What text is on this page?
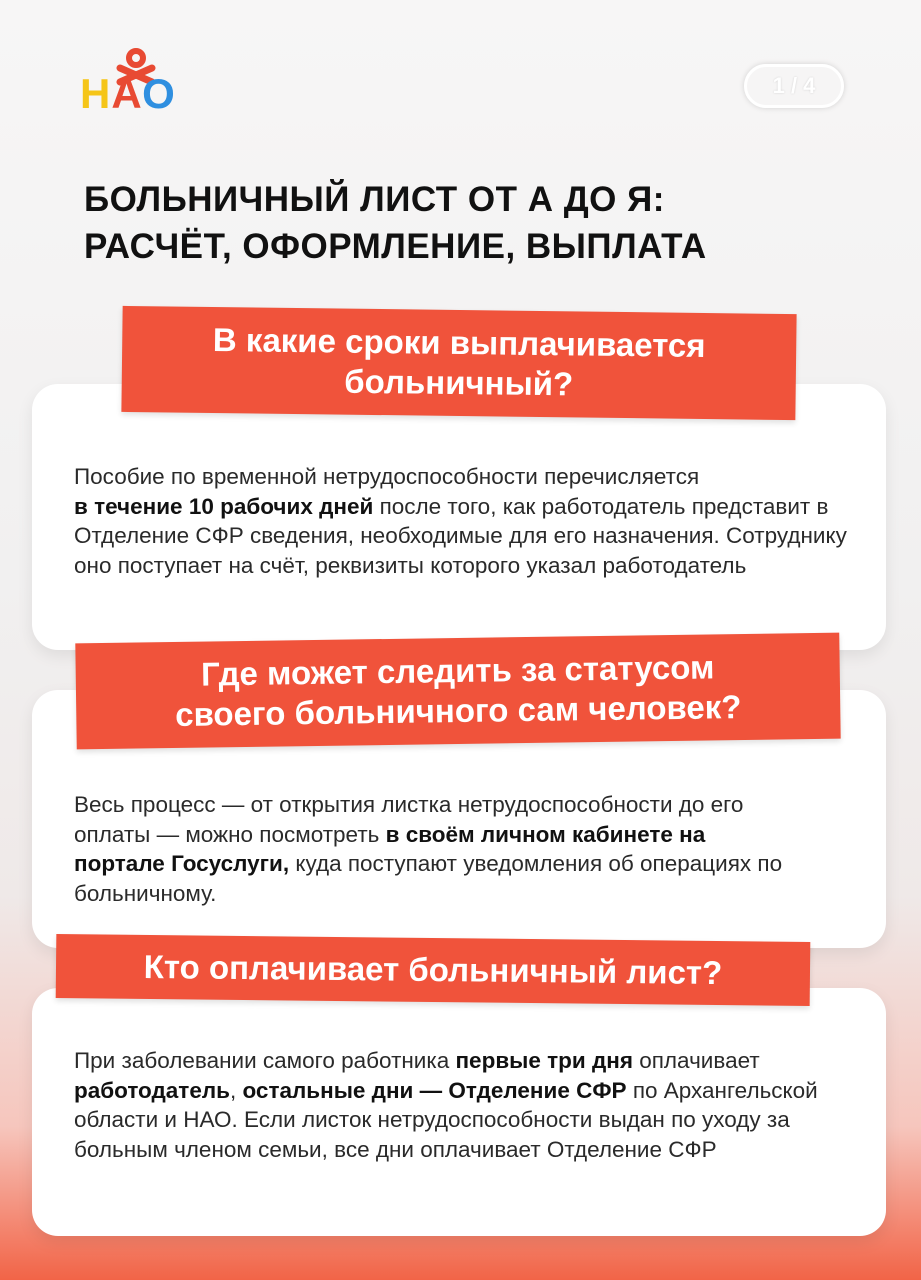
НАО	1 / 4
БОЛЬНИЧНЫЙ ЛИСТ ОТ А ДО Я:
РАСЧЁТ, ОФОРМЛЕНИЕ, ВЫПЛАТА
Пособие по временной нетрудоспособности перечисляется
в течение 10 рабочих дней после того, как работодатель представит в Отделение СФР сведения, необходимые для его назначения. Сотруднику оно поступает на счёт, реквизиты которого указал работодатель
В какие сроки выплачивается
больничный?
Весь процесс — от открытия листка нетрудоспособности до его оплаты — можно посмотреть в своём личном кабинете на портале Госуслуги, куда поступают уведомления об операциях по больничному.
Где может следить за статусом
своего больничного сам человек?
При заболевании самого работника первые три дня оплачивает работодатель, остальные дни — Отделение СФР по Архангельской области и НАО. Если листок нетрудоспособности выдан по уходу за больным членом семьи, все дни оплачивает Отделение СФР
Кто оплачивает больничный лист?
